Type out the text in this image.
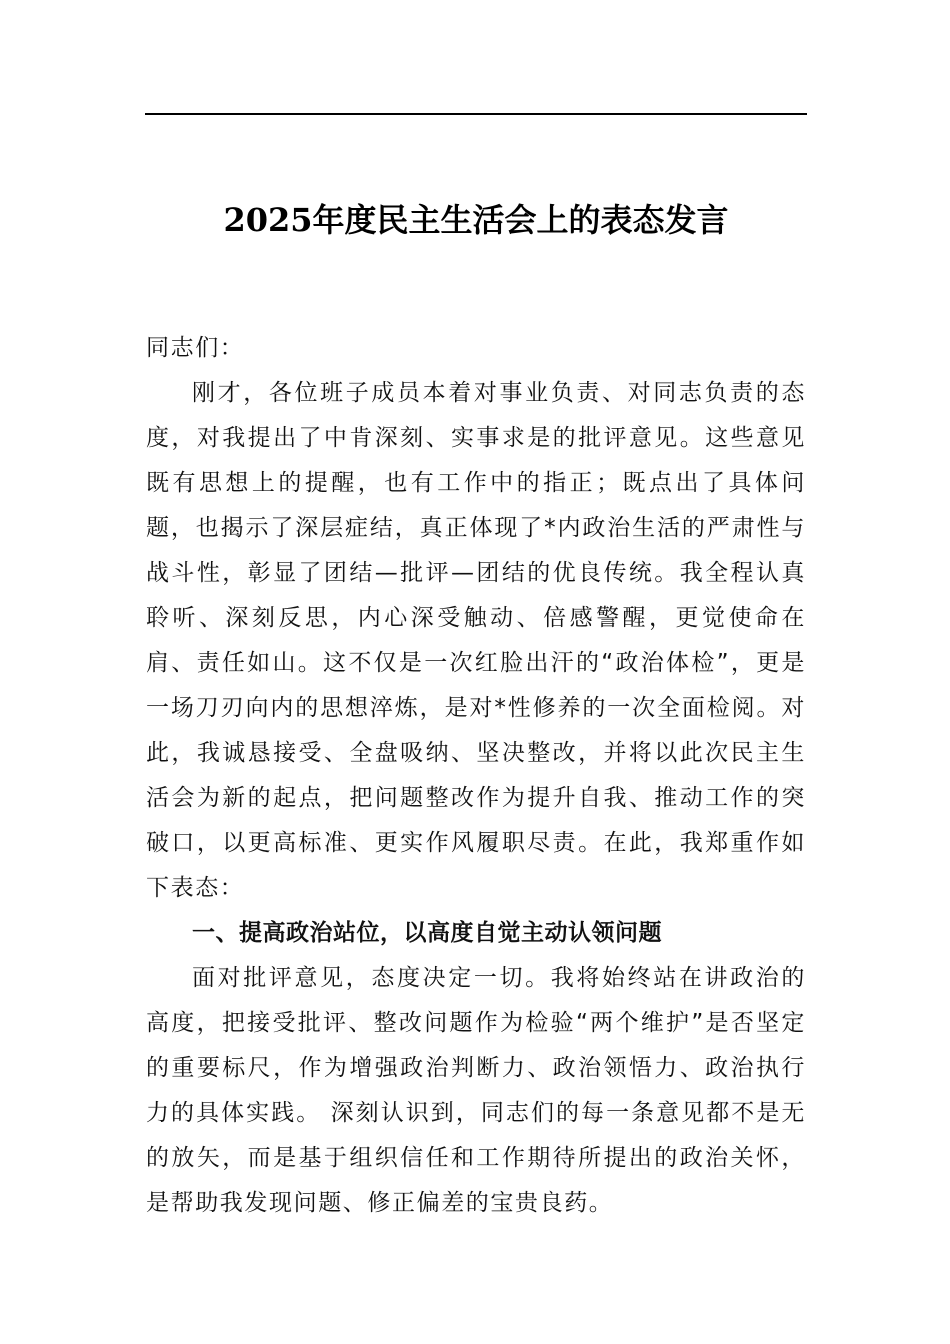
2025年度民主生活会上的表态发言

同志们：

刚才，各位班子成员本着对事业负责、对同志负责的态度，对我提出了中肯深刻、实事求是的批评意见。这些意见既有思想上的提醒，也有工作中的指正；既点出了具体问题，也揭示了深层症结，真正体现了*内政治生活的严肃性与战斗性，彰显了团结—批评—团结的优良传统。我全程认真聆听、深刻反思，内心深受触动、倍感警醒，更觉使命在肩、责任如山。这不仅是一次红脸出汗的“政治体检”，更是一场刀刃向内的思想淬炼，是对*性修养的一次全面检阅。对此，我诚恳接受、全盘吸纳、坚决整改，并将以此次民主生活会为新的起点，把问题整改作为提升自我、推动工作的突破口，以更高标准、更实作风履职尽责。在此，我郑重作如下表态：

一、提高政治站位，以高度自觉主动认领问题

面对批评意见，态度决定一切。我将始终站在讲政治的高度，把接受批评、整改问题作为检验“两个维护”是否坚定的重要标尺，作为增强政治判断力、政治领悟力、政治执行力的具体实践。 深刻认识到，同志们的每一条意见都不是无的放矢，而是基于组织信任和工作期待所提出的政治关怀，是帮助我发现问题、修正偏差的宝贵良药。
